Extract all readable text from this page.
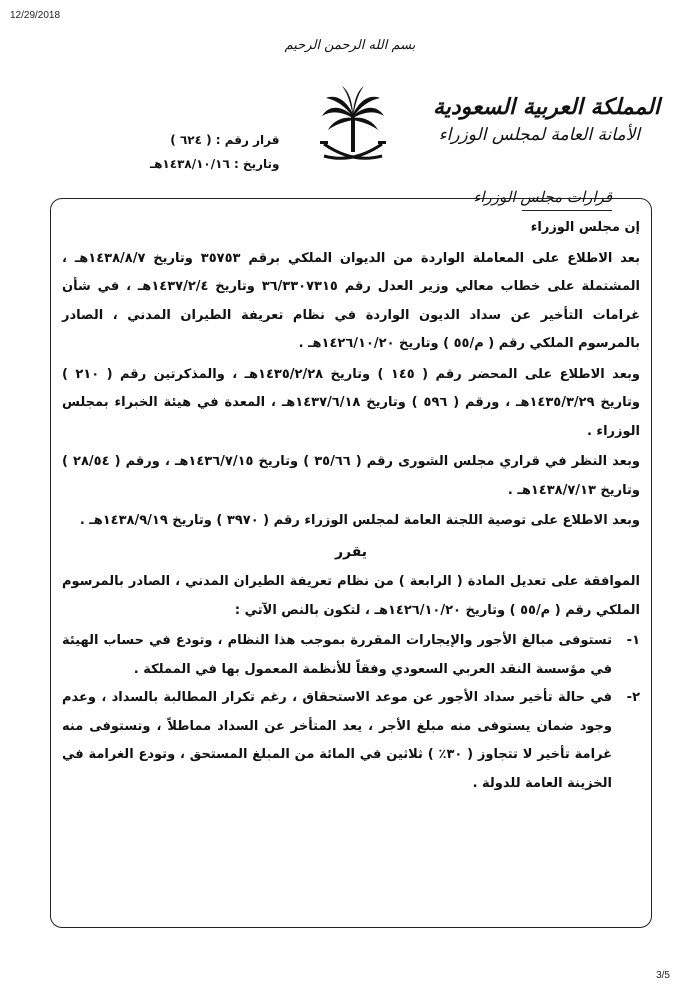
12/29/2018
بسم الله الرحمن الرحيم
المملكة العربية السعودية
الأمانة العامة لمجلس الوزراء
قرار رقم : ( ٦٢٤ )
وتاريخ : ١٤٣٨/١٠/١٦هـ
قرارات مجلس الوزراء

إن مجلس الوزراء

بعد الاطلاع على المعاملة الواردة من الديوان الملكي برقم ٣٥٧٥٣ وتاريخ ١٤٣٨/٨/٧هـ ، المشتملة على خطاب معالي وزير العدل رقم ٣٦/٣٣٠٧٣١٥ وتاريخ ١٤٣٧/٢/٤هـ ، في شأن غرامات التأخير عن سداد الديون الواردة في نظام تعريفة الطيران المدني ، الصادر بالمرسوم الملكي رقم ( م/٥٥ ) وتاريخ ١٤٢٦/١٠/٢٠هـ .

وبعد الاطلاع على المحضر رقم ( ١٤٥ ) وتاريخ ١٤٣٥/٢/٢٨هـ ، والمذكرتين رقم ( ٢١٠ ) وتاريخ ١٤٣٥/٣/٢٩هـ ، ورقم ( ٥٩٦ ) وتاريخ ١٤٣٧/٦/١٨هـ ، المعدة في هيئة الخبراء بمجلس الوزراء .

وبعد النظر في قراري مجلس الشورى رقم ( ٣٥/٦٦ ) وتاريخ ١٤٣٦/٧/١٥هـ ، ورقم ( ٢٨/٥٤ ) وتاريخ ١٤٣٨/٧/١٣هـ .

وبعد الاطلاع على توصية اللجنة العامة لمجلس الوزراء رقم ( ٣٩٧٠ ) وتاريخ ١٤٣٨/٩/١٩هـ .

يقرر

الموافقة على تعديل المادة ( الرابعة ) من نظام تعريفة الطيران المدني ، الصادر بالمرسوم الملكي رقم ( م/٥٥ ) وتاريخ ١٤٢٦/١٠/٢٠هـ ، لتكون بالنص الآتي :

١-
تستوفى مبالغ الأجور والإيجارات المقررة بموجب هذا النظام ، وتودع في حساب الهيئة في مؤسسة النقد العربي السعودي وفقاً للأنظمة المعمول بها في المملكة .
٢-
في حالة تأخير سداد الأجور عن موعد الاستحقاق ، رغم تكرار المطالبة بالسداد ، وعدم وجود ضمان يستوفى منه مبلغ الأجر ، يعد المتأخر عن السداد مماطلاً ، وتستوفى منه غرامة تأخير لا تتجاوز ( ٣٠٪ ) ثلاثين في المائة من المبلغ المستحق ، وتودع الغرامة في الخزينة العامة للدولة .
3/5
